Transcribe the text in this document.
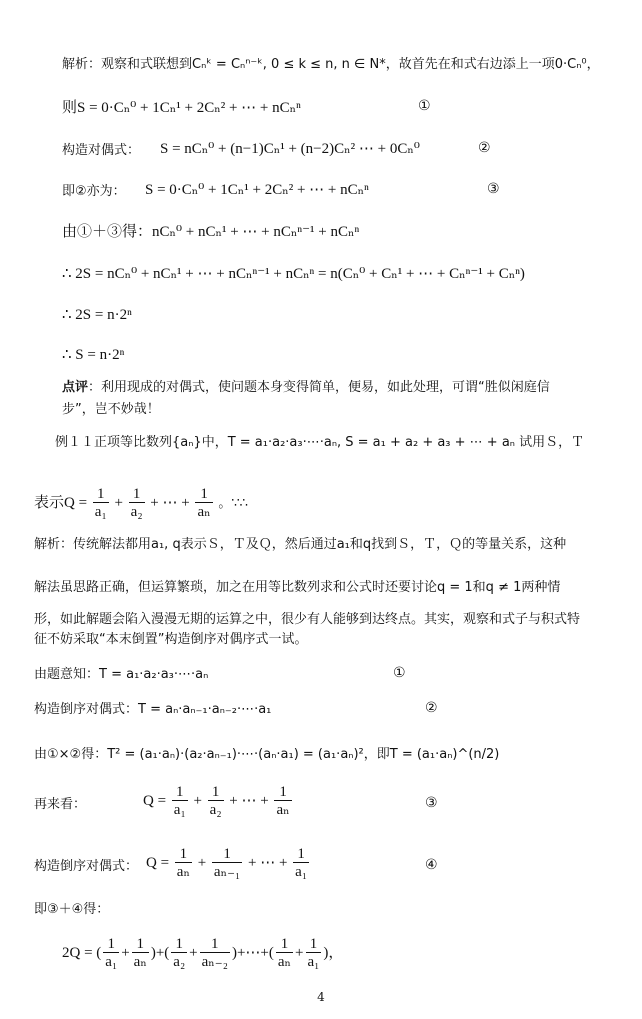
解析：观察和式联想到Cₙᵏ = Cₙⁿ⁻ᵏ, 0 ≤ k ≤ n, n ∈ N*，故首先在和式右边添上一项0·Cₙ⁰，
则S = 0·Cₙ⁰ + 1Cₙ¹ + 2Cₙ² + ⋯ + nCₙⁿ	①
构造对偶式： S = nCₙ⁰ + (n−1)Cₙ¹ + (n−2)Cₙ² ⋯ + 0Cₙ⁰	②
即②亦为： S = 0·Cₙ⁰ + 1Cₙ¹ + 2Cₙ² + ⋯ + nCₙⁿ	③
由①＋③得：nCₙ⁰ + nCₙ¹ + ⋯ + nCₙⁿ⁻¹ + nCₙⁿ
∴ 2S = nCₙ⁰ + nCₙ¹ + ⋯ + nCₙⁿ⁻¹ + nCₙⁿ = n(Cₙ⁰ + Cₙ¹ + ⋯ + Cₙⁿ⁻¹ + Cₙⁿ)
∴ 2S = n·2ⁿ
∴ S = n·2ⁿ
点评：利用现成的对偶式，使问题本身变得简单，便易，如此处理，可谓“胜似闲庭信
步”，岂不妙哉！
例１１正项等比数列{aₙ}中，T = a₁·a₂·a₃·⋯·aₙ, S = a₁ + a₂ + a₃ + ⋯ + aₙ 试用Ｓ，Ｔ
表示$Q = \frac{1}{\text{a₁}} + \frac{1}{\text{a₂}}$ + ⋯ + $\frac{1}{\text{aₙ}}$ 。∵∴
解析：传统解法都用a₁, q表示Ｓ，Ｔ及Ｑ，然后通过a₁和q找到Ｓ，Ｔ，Ｑ的等量关系，这种
解法虽思路正确，但运算繁琐，加之在用等比数列求和公式时还要讨论q = 1和q ≠ 1两种情
形，如此解题会陷入漫漫无期的运算之中，很少有人能够到达终点。其实，观察和式子与积式特
征不妨采取“本末倒置”构造倒序对偶序式一试。
由题意知：T = a₁·a₂·a₃·⋯·aₙ	①
构造倒序对偶式：T = aₙ·aₙ₋₁·aₙ₋₂·⋯·a₁	②
由①×②得：T² = (a₁·aₙ)·(a₂·aₙ₋₁)·⋯·(aₙ·a₁) = (a₁·aₙ)²，即T = (a₁·aₙ)^(n/2)
再来看：	$Q = \frac{1}{\text{a₁}} + \frac{1}{\text{a₂}}$ + ⋯ + $\frac{1}{\text{aₙ}}$	③
构造倒序对偶式： $Q = \frac{1}{\text{aₙ}} + \frac{1}{\text{aₙ₋₁}}$ + ⋯ + $\frac{1}{\text{a₁}}$	④
即③＋④得：
2Q = ( $\frac{1}{\text{a₁}} + \frac{1}{\text{aₙ}}$ )+( $\frac{1}{\text{a₂}} + \frac{1}{\text{aₙ₋₂}}$ )+⋯+( $\frac{1}{\text{aₙ}} + \frac{1}{\text{a₁}}$ )，
4
